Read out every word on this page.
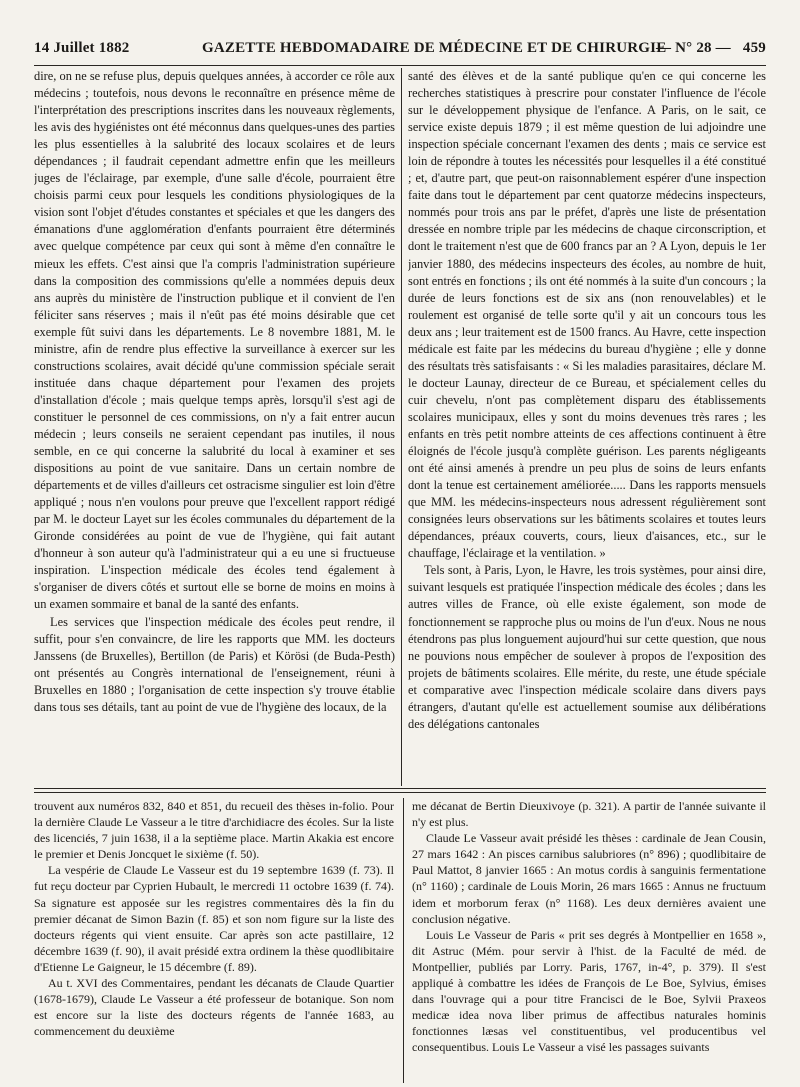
14 Juillet 1882	GAZETTE HEBDOMADAIRE DE MÉDECINE ET DE CHIRURGIE
— N° 28 — 459

dire, on ne se refuse plus, depuis quelques années, à accorder ce rôle aux médecins ; toutefois, nous devons le reconnaître en présence même de l'interprétation des prescriptions inscrites dans les nouveaux règlements, les avis des hygiénistes ont été méconnus dans quelques-unes des parties les plus essentielles à la salubrité des locaux scolaires et de leurs dépendances ; il faudrait cependant admettre enfin que les meilleurs juges de l'éclairage, par exemple, d'une salle d'école, pourraient être choisis parmi ceux pour lesquels les conditions physiologiques de la vision sont l'objet d'études constantes et spéciales et que les dangers des émanations d'une agglomération d'enfants pourraient être déterminés avec quelque compétence par ceux qui sont à même d'en connaître le mieux les effets. C'est ainsi que l'a compris l'administration supérieure dans la composition des commissions qu'elle a nommées depuis deux ans auprès du ministère de l'instruction publique et il convient de l'en féliciter sans réserves ; mais il n'eût pas été moins désirable que cet exemple fût suivi dans les départements. Le 8 novembre 1881, M. le ministre, afin de rendre plus effective la surveillance à exercer sur les constructions scolaires, avait décidé qu'une commission spéciale serait instituée dans chaque département pour l'examen des projets d'installation d'école ; mais quelque temps après, lorsqu'il s'est agi de constituer le personnel de ces commissions, on n'y a fait entrer aucun médecin ; leurs conseils ne seraient cependant pas inutiles, il nous semble, en ce qui concerne la salubrité du local à examiner et ses dispositions au point de vue sanitaire. Dans un certain nombre de départements et de villes d'ailleurs cet ostracisme singulier est loin d'être appliqué ; nous n'en voulons pour preuve que l'excellent rapport rédigé par M. le docteur Layet sur les écoles communales du département de la Gironde considérées au point de vue de l'hygiène, qui fait autant d'honneur à son auteur qu'à l'administrateur qui a eu une si fructueuse inspiration. L'inspection médicale des écoles tend également à s'organiser de divers côtés et surtout elle se borne de moins en moins à un examen sommaire et banal de la santé des enfants.

Les services que l'inspection médicale des écoles peut rendre, il suffit, pour s'en convaincre, de lire les rapports que MM. les docteurs Janssens (de Bruxelles), Bertillon (de Paris) et Körösi (de Buda-Pesth) ont présentés au Congrès international de l'enseignement, réuni à Bruxelles en 1880 ; l'organisation de cette inspection s'y trouve établie dans tous ses détails, tant au point de vue de l'hygiène des locaux, de la

santé des élèves et de la santé publique qu'en ce qui concerne les recherches statistiques à prescrire pour constater l'influence de l'école sur le développement physique de l'enfance. A Paris, on le sait, ce service existe depuis 1879 ; il est même question de lui adjoindre une inspection spéciale concernant l'examen des dents ; mais ce service est loin de répondre à toutes les nécessités pour lesquelles il a été constitué ; et, d'autre part, que peut-on raisonnablement espérer d'une inspection faite dans tout le département par cent quatorze médecins inspecteurs, nommés pour trois ans par le préfet, d'après une liste de présentation dressée en nombre triple par les médecins de chaque circonscription, et dont le traitement n'est que de 600 francs par an ? A Lyon, depuis le 1er janvier 1880, des médecins inspecteurs des écoles, au nombre de huit, sont entrés en fonctions ; ils ont été nommés à la suite d'un concours ; la durée de leurs fonctions est de six ans (non renouvelables) et le roulement est organisé de telle sorte qu'il y ait un concours tous les deux ans ; leur traitement est de 1500 francs. Au Havre, cette inspection médicale est faite par les médecins du bureau d'hygiène ; elle y donne des résultats très satisfaisants : « Si les maladies parasitaires, déclare M. le docteur Launay, directeur de ce Bureau, et spécialement celles du cuir chevelu, n'ont pas complètement disparu des établissements scolaires municipaux, elles y sont du moins devenues très rares ; les enfants en très petit nombre atteints de ces affections continuent à être éloignés de l'école jusqu'à complète guérison. Les parents négligeants ont été ainsi amenés à prendre un peu plus de soins de leurs enfants dont la tenue est certainement améliorée..... Dans les rapports mensuels que MM. les médecins-inspecteurs nous adressent régulièrement sont consignées leurs observations sur les bâtiments scolaires et toutes leurs dépendances, préaux couverts, cours, lieux d'aisances, etc., sur le chauffage, l'éclairage et la ventilation. »

Tels sont, à Paris, Lyon, le Havre, les trois systèmes, pour ainsi dire, suivant lesquels est pratiquée l'inspection médicale des écoles ; dans les autres villes de France, où elle existe également, son mode de fonctionnement se rapproche plus ou moins de l'un d'eux. Nous ne nous étendrons pas plus longuement aujourd'hui sur cette question, que nous ne pouvions nous empêcher de soulever à propos de l'exposition des projets de bâtiments scolaires. Elle mérite, du reste, une étude spéciale et comparative avec l'inspection médicale scolaire dans divers pays étrangers, d'autant qu'elle est actuellement soumise aux délibérations des délégations cantonales

trouvent aux numéros 832, 840 et 851, du recueil des thèses in-folio. Pour la dernière Claude Le Vasseur a le titre d'archidiacre des écoles. Sur la liste des licenciés, 7 juin 1638, il a la septième place. Martin Akakia est encore le premier et Denis Joncquet le sixième (f. 50).

La vespérie de Claude Le Vasseur est du 19 septembre 1639 (f. 73). Il fut reçu docteur par Cyprien Hubault, le mercredi 11 octobre 1639 (f. 74). Sa signature est apposée sur les registres commentaires dès la fin du premier décanat de Simon Bazin (f. 85) et son nom figure sur la liste des docteurs régents qui vient ensuite. Car après son acte pastillaire, 12 décembre 1639 (f. 90), il avait présidé extra ordinem la thèse quodlibitaire d'Etienne Le Gaigneur, le 15 décembre (f. 89).

Au t. XVI des Commentaires, pendant les décanats de Claude Quartier (1678-1679), Claude Le Vasseur a été professeur de botanique. Son nom est encore sur la liste des docteurs régents de l'année 1683, au commencement du deuxième

me décanat de Bertin Dieuxivoye (p. 321). A partir de l'année suivante il n'y est plus.

Claude Le Vasseur avait présidé les thèses : cardinale de Jean Cousin, 27 mars 1642 : An pisces carnibus salubriores (n° 896) ; quodlibitaire de Paul Mattot, 8 janvier 1665 : An motus cordis à sanguinis fermentatione (n° 1160) ; cardinale de Louis Morin, 26 mars 1665 : Annus ne fructuum idem et morborum ferax (n° 1168). Les deux dernières avaient une conclusion négative.

Louis Le Vasseur de Paris « prit ses degrés à Montpellier en 1658 », dit Astruc (Mém. pour servir à l'hist. de la Faculté de méd. de Montpellier, publiés par Lorry. Paris, 1767, in-4°, p. 379). Il s'est appliqué à combattre les idées de François de Le Boe, Sylvius, émises dans l'ouvrage qui a pour titre Francisci de le Boe, Sylvii Praxeos medicæ idea nova liber primus de affectibus naturales hominis fonctionnes læsas vel constituentibus, vel producentibus vel consequentibus. Louis Le Vasseur a visé les passages suivants
